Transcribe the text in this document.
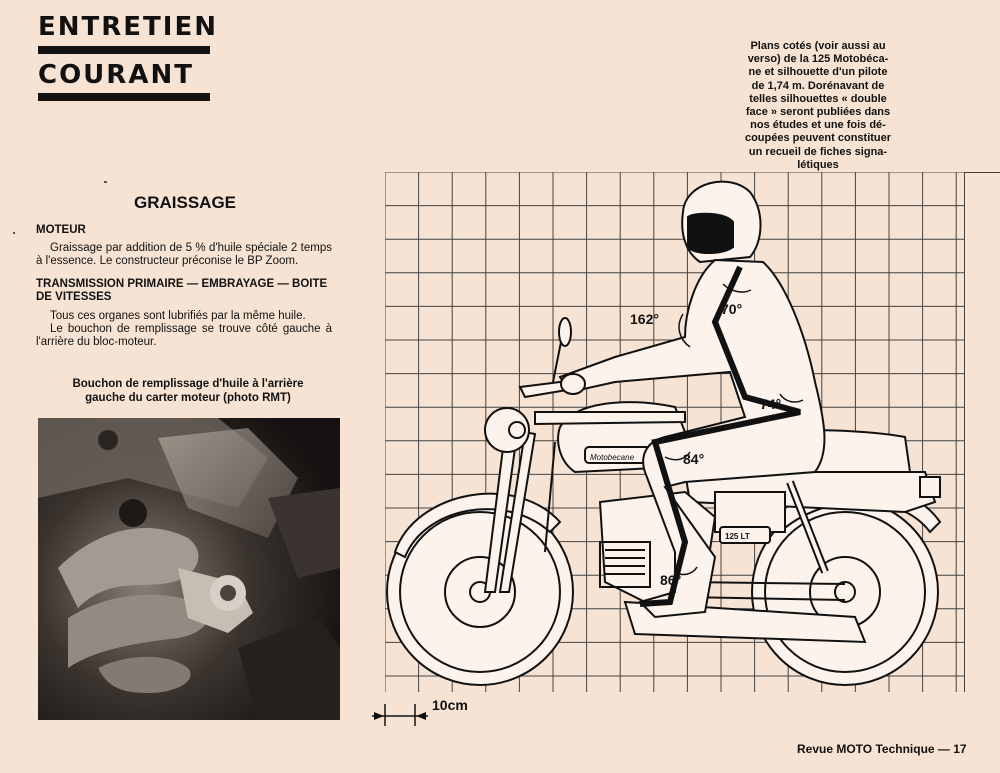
ENTRETIEN
COURANT
Plans cotés (voir aussi au
verso) de la 125 Motobéca-
ne et silhouette d'un pilote
de 1,74 m. Dorénavant de
telles silhouettes « double
face » seront publiées dans
nos études et une fois dé-
coupées peuvent constituer
un recueil de fiches signa-
létiques
GRAISSAGE
MOTEUR
Graissage par addition de 5 % d'huile spéciale 2 temps à l'essence. Le constructeur préconise le BP Zoom.
TRANSMISSION PRIMAIRE — EMBRAYAGE — BOITE DE VITESSES
Tous ces organes sont lubrifiés par la même huile.
Le bouchon de remplissage se trouve côté gauche à l'arrière du bloc-moteur.
Bouchon de remplissage d'huile à l'arrière
gauche du carter moteur (photo RMT)
Motobecane
125 LT
162°
70°
74°
84°
86°
10cm
Revue MOTO Technique — 17
